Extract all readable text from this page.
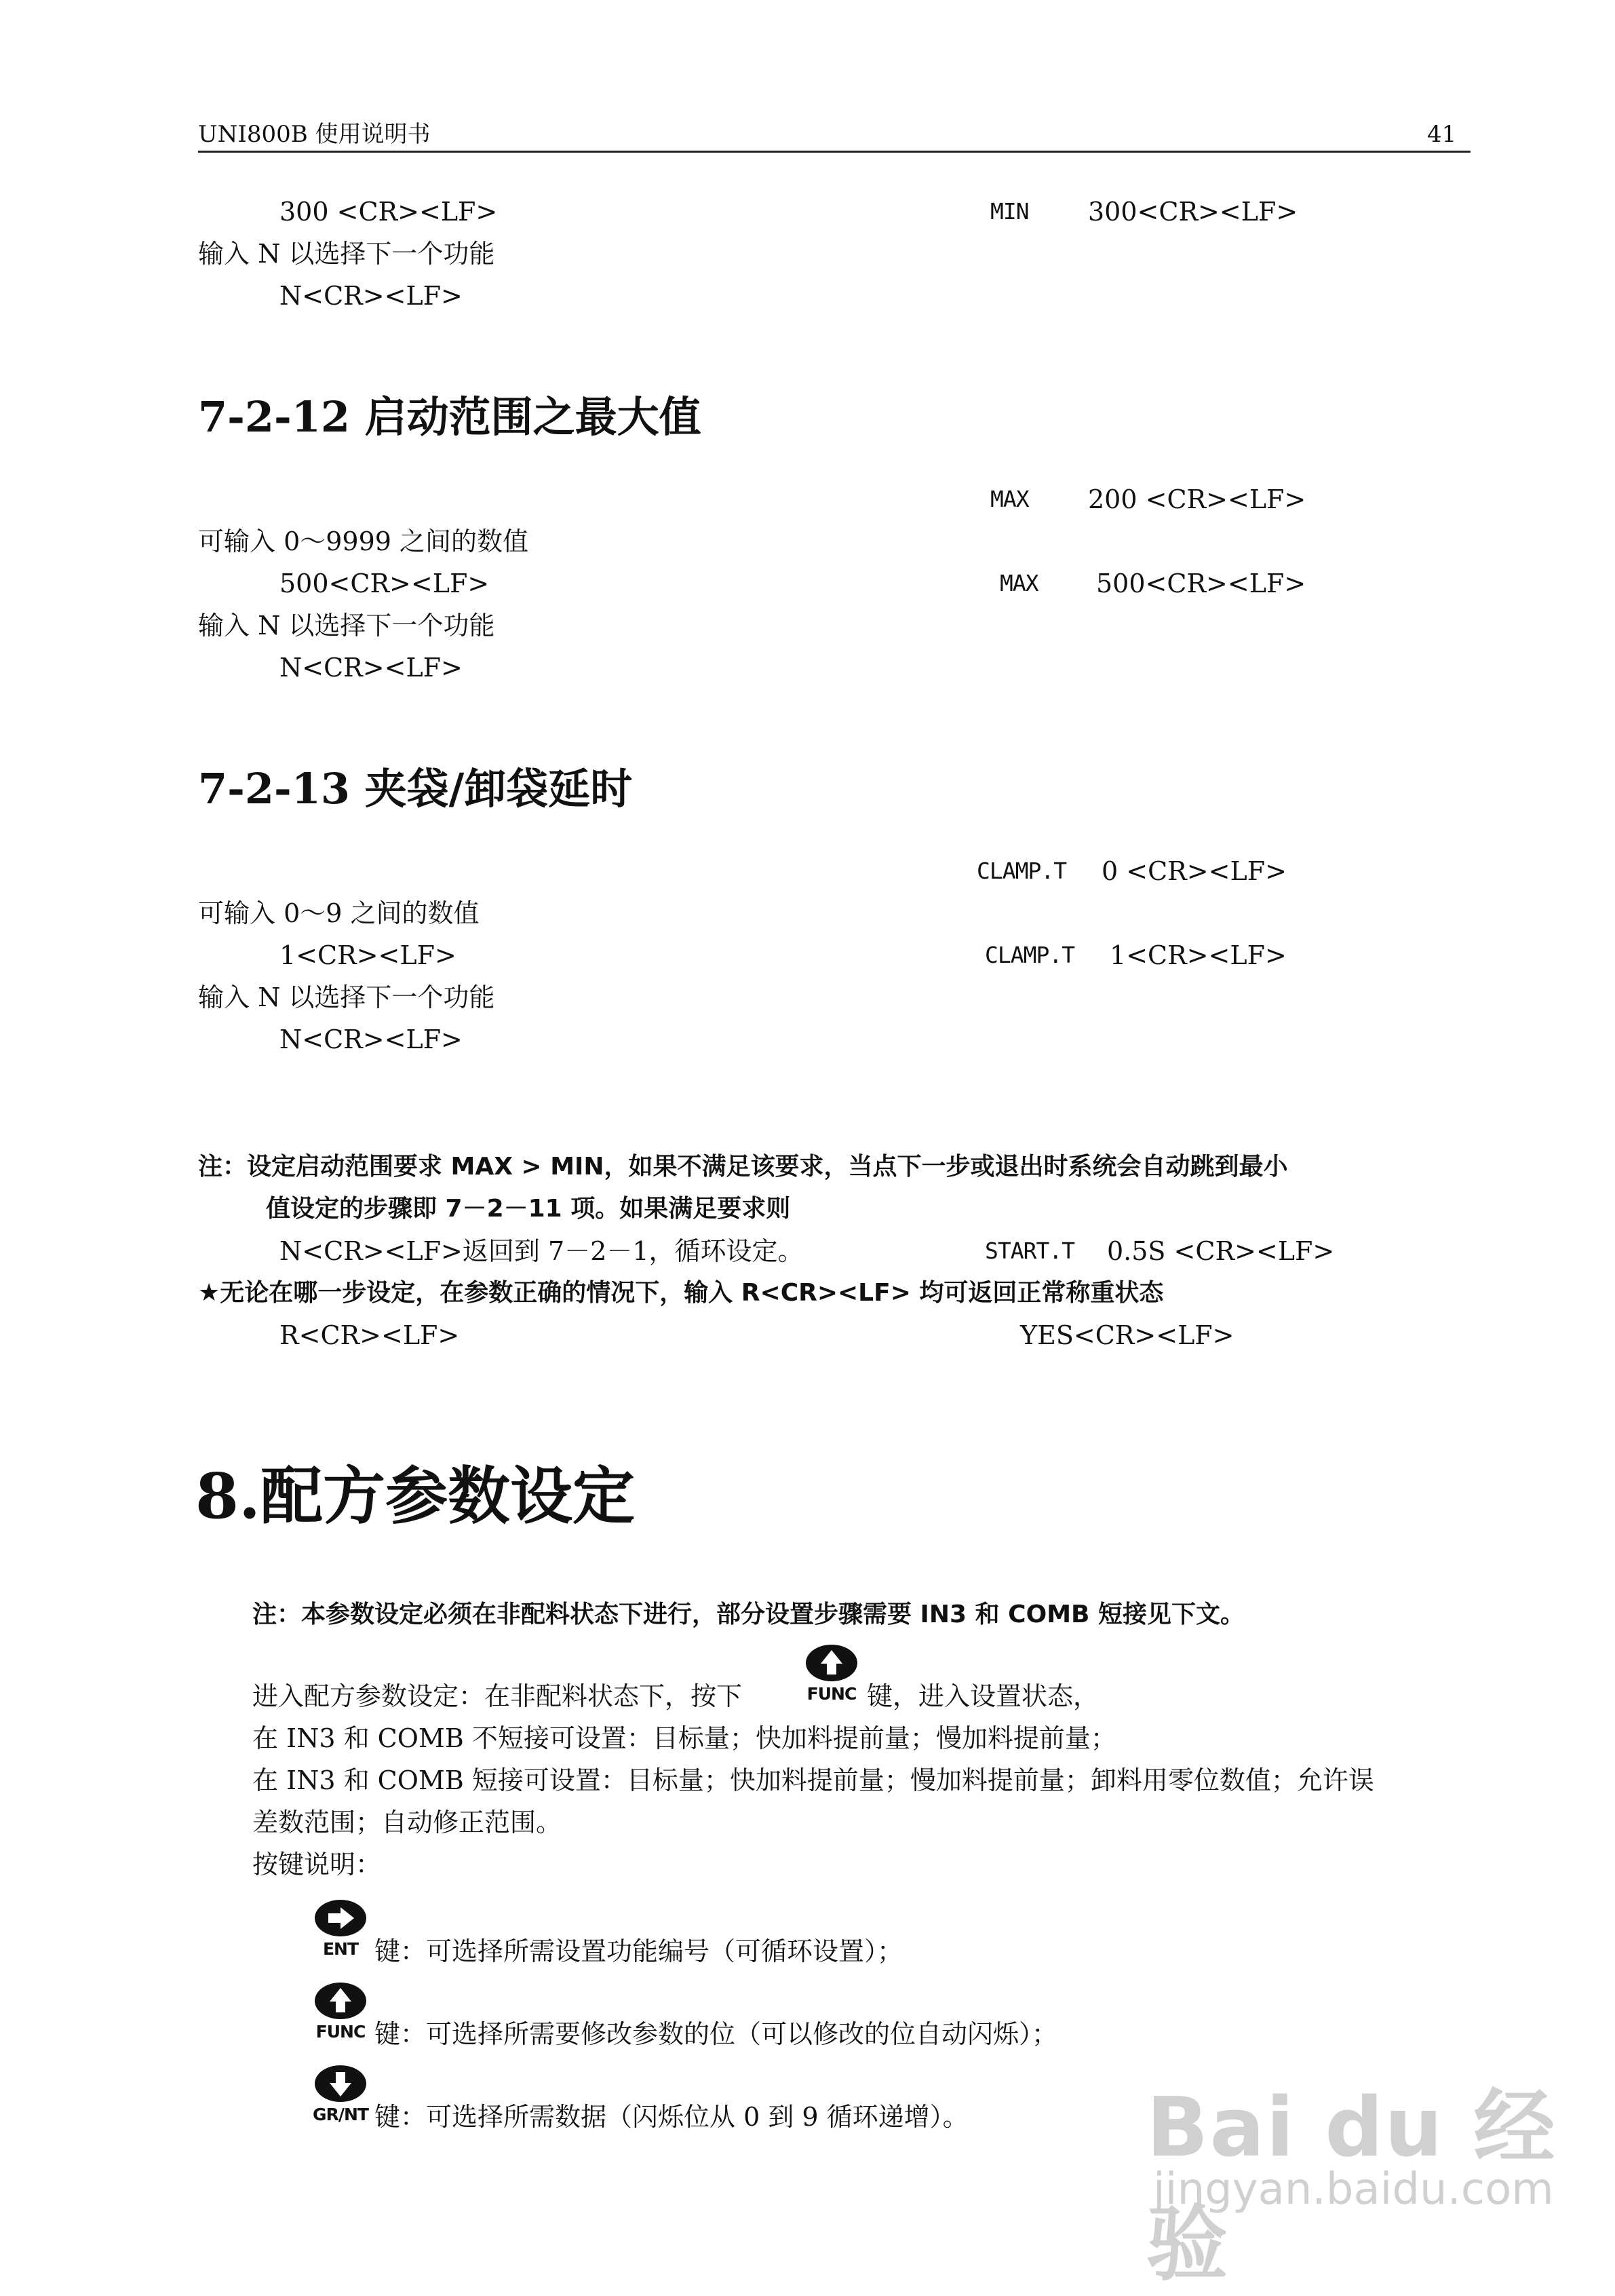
UNI800B 使用说明书	41
300 <CR><LF>	MIN 300<CR><LF>
输入 N 以选择下一个功能
N<CR><LF>
7-2-12 启动范围之最大值
MAX 200 <CR><LF>
可输入 0～9999 之间的数值
500<CR><LF>	MAX 500<CR><LF>
输入 N 以选择下一个功能
N<CR><LF>
7-2-13 夹袋/卸袋延时
CLAMP.T 0 <CR><LF>
可输入 0～9 之间的数值
1<CR><LF>	CLAMP.T 1<CR><LF>
输入 N 以选择下一个功能
N<CR><LF>
注：设定启动范围要求 MAX > MIN，如果不满足该要求，当点下一步或退出时系统会自动跳到最小
值设定的步骤即 7－2－11 项。如果满足要求则
N<CR><LF>返回到 7－2－1，循环设定。	START.T 0.5S <CR><LF>
★无论在哪一步设定，在参数正确的情况下，输入 R<CR><LF> 均可返回正常称重状态
R<CR><LF>	YES<CR><LF>
8.配方参数设定
注：本参数设定必须在非配料状态下进行，部分设置步骤需要 IN3 和 COMB 短接见下文。
进入配方参数设定：在非配料状态下，按下	FUNC 键，进入设置状态，
在 IN3 和 COMB 不短接可设置：目标量；快加料提前量；慢加料提前量；
在 IN3 和 COMB 短接可设置：目标量；快加料提前量；慢加料提前量；卸料用零位数值；允许误
差数范围；自动修正范围。
按键说明：
ENT 键：可选择所需设置功能编号（可循环设置）；
FUNC 键：可选择所需要修改参数的位（可以修改的位自动闪烁）；
GR/NT 键：可选择所需数据（闪烁位从 0 到 9 循环递增）。 Bai du 经验
jingyan.baidu.com
